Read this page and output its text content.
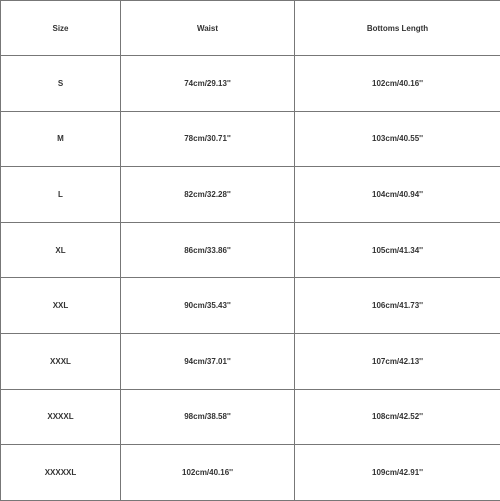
Size	Waist	Bottoms Length
S	74cm/29.13''	102cm/40.16''
M	78cm/30.71''	103cm/40.55''
L	82cm/32.28''	104cm/40.94''
XL	86cm/33.86''	105cm/41.34''
XXL	90cm/35.43''	106cm/41.73''
XXXL	94cm/37.01''	107cm/42.13''
XXXXL	98cm/38.58''	108cm/42.52''
XXXXXL	102cm/40.16''	109cm/42.91''
